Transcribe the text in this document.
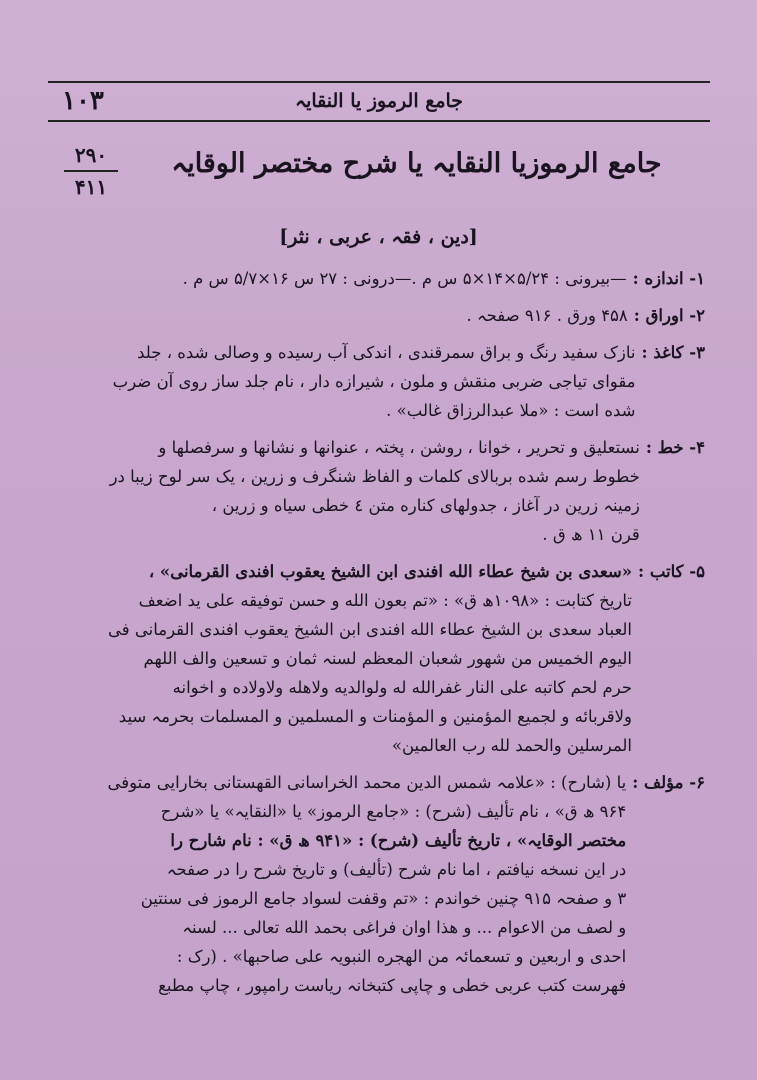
جامع الرموز یا النقایہ
۱۰۳
۲۹۰
۴۱۱
جامع الرموزیا النقایہ یا شرح مختصر الوقایہ
[دین ، فقہ ، عربی ، نثر]
۱- اندازه :
—بیرونی : ۵/۲۴×۱۴×۵ س م .—درونی : ۲۷ س ۱۶×۵/۷ س م .
۲- اوراق :
۴۵۸ ورق . ۹۱۶ صفحہ .
۳- کاغذ :
نازک سفید رنگ و براق سمرقندی ، اندکی آب رسیده و وصالی شده ، جلد
مقوای تیاجی ضربی منقش و ملون ، شیرازه دار ، نام جلد ساز روی آن ضرب
شده است : «ملا عبدالرزاق غالب» .
۴- خط :
نستعلیق و تحریر ، خوانا ، روشن ، پختہ ، عنوانها و نشانها و سرفصلها و
خطوط رسم شده بربالای کلمات و الفاظ شنگرف و زرین ، یک سر لوح زیبا در
زمینہ زرین در آغاز ، جدولهای کناره متن ٤ خطی سیاه و زرین ،
قرن ۱۱ ھ ق .
۵- کاتب :
«سعدی بن شیخ عطاء الله افندی ابن الشیخ یعقوب افندی القرمانی» ،
تاریخ کتابت : «۱۰۹۸ھ ق» : «تم بعون الله و حسن توفیقه علی ید اضعف
العباد سعدی بن الشیخ عطاء الله افندی ابن الشیخ یعقوب افندی القرمانی فی
الیوم الخمیس من شهور شعبان المعظم لسنہ ثمان و تسعین والف اللهم
حرم لحم کاتبه علی النار غفرالله له ولوالدیه ولاهله ولاولاده و اخوانه
ولاقربائه و لجمیع المؤمنین و المؤمنات و المسلمین و المسلمات بحرمہ سید
المرسلین والحمد لله رب العالمین»
۶- مؤلف :
یا (شارح) : «علامہ شمس الدین محمد الخراسانی القهستانی بخارایی متوفی
۹۶۴ ھ ق» ، نام تألیف (شرح) : «جامع الرموز» یا «النقایہ» یا «شرح
مختصر الوقایہ» ، تاریخ تألیف (شرح) : «۹۴۱ ھ ق» : نام شارح را
در این نسخه نیافتم ، اما نام شرح (تألیف) و تاریخ شرح را در صفحہ
۳ و صفحہ ۹۱۵ چنین خواندم : «تم وقفت لسواد جامع الرموز فی سنتین
و لصف من الاعوام ... و هذا اوان فراغی بحمد الله تعالی ... لسنہ
احدی و اربعین و تسعمائہ من الهجره النبویہ علی صاحبها» . (رک :
فهرست کتب عربی خطی و چاپی کتبخانہ ریاست رامپور ، چاپ مطبع
